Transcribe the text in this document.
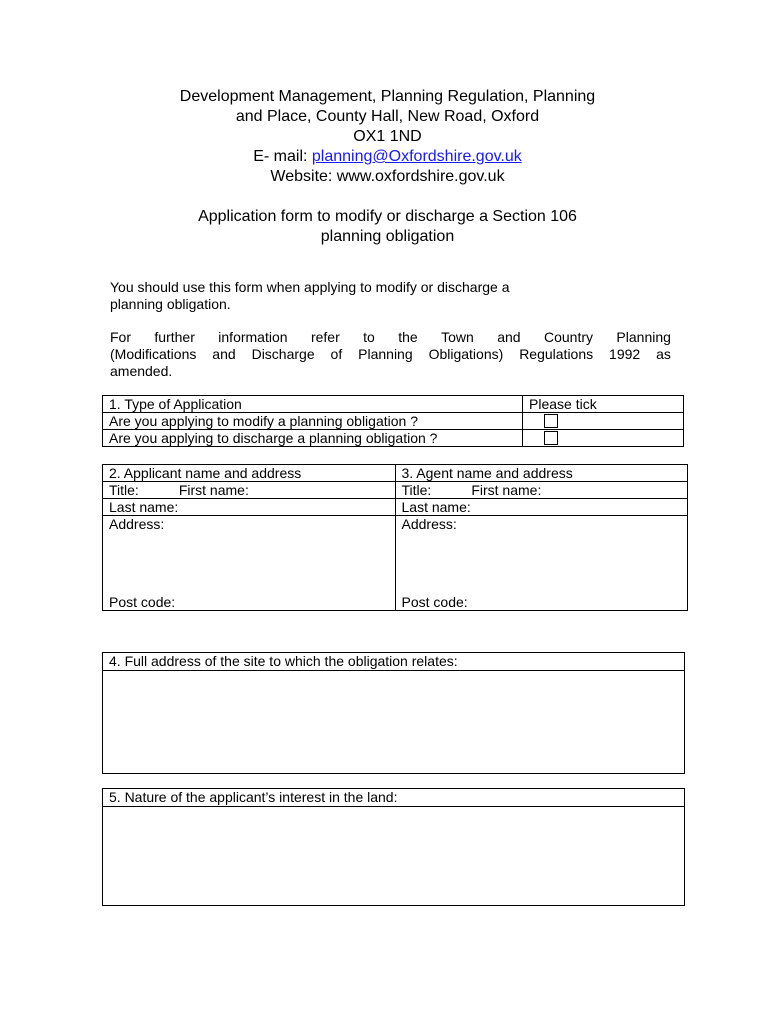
Development Management, Planning Regulation, Planning
and Place, County Hall, New Road, Oxford
OX1 1ND
E- mail: planning@Oxfordshire.gov.uk
Website: www.oxfordshire.gov.uk
Application form to modify or discharge a Section 106
planning obligation
You should use this form when applying to modify or discharge a
planning obligation.
For further information refer to the Town and Country Planning
(Modifications and Discharge of Planning Obligations) Regulations 1992 as
amended.
1. Type of Application	Please tick
Are you applying to modify a planning obligation ?	
Are you applying to discharge a planning obligation ?	
2. Applicant name and address	3. Agent name and address
Title: First name:	Title: First name:
Last name:	Last name:
Address:	Address:
Post code:	Post code:
4. Full address of the site to which the obligation relates:
5. Nature of the applicant’s interest in the land:
